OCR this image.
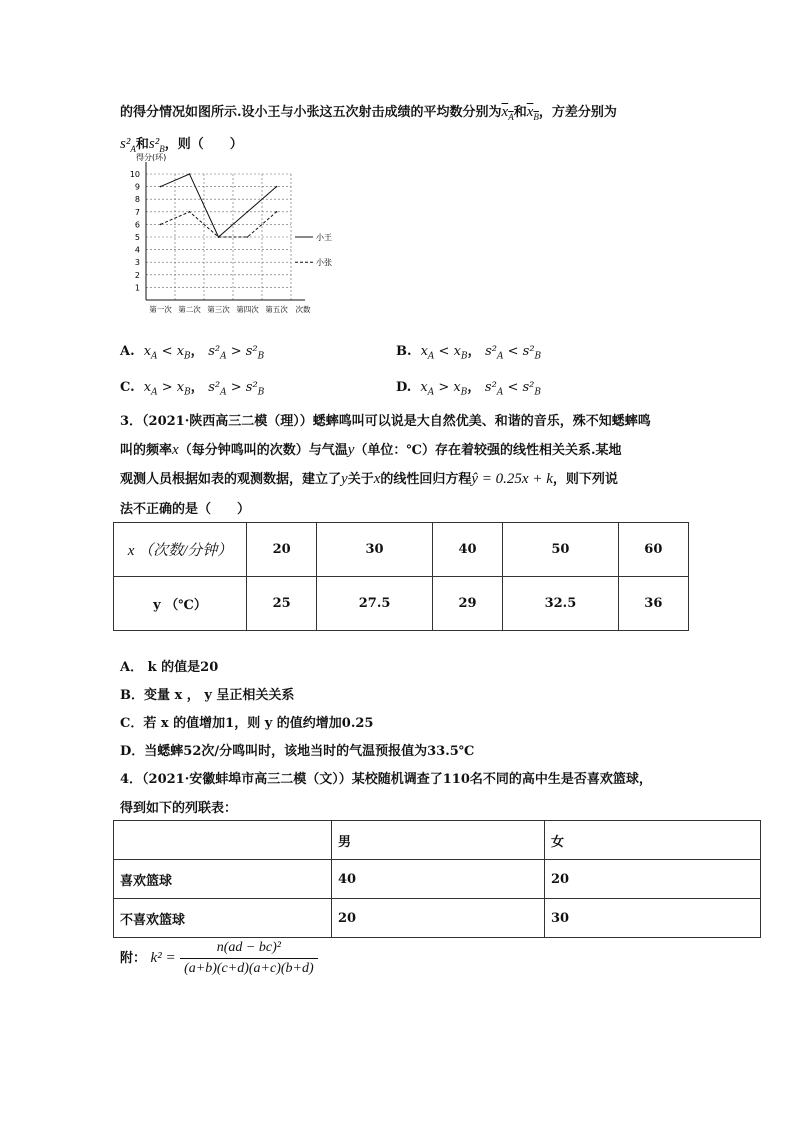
的得分情况如图所示.设小王与小张这五次射击成绩的平均数分别为$x_A$和$x_B$，方差分别为
$s^2_A$和$s^2_B$，则（　　）
得分(环)
1
2
3
4
5
6
7
8
9
10
第一次 第二次 第三次 第四次 第五次 次数
小王
小张
A. $x_A < x_B$， $s^2_A > s^2_B$	B. $x_A < x_B$， $s^2_A < s^2_B$
C. $x_A > x_B$， $s^2_A > s^2_B$	D. $x_A > x_B$， $s^2_A < s^2_B$
3．（2021·陕西高三二模（理））蟋蟀鸣叫可以说是大自然优美、和谐的音乐，殊不知蟋蟀鸣
叫的频率x（每分钟鸣叫的次数）与气温y（单位：℃）存在着较强的线性相关关系.某地
观测人员根据如表的观测数据，建立了y关于x的线性回归方程ŷ = 0.25x + k，则下列说
法不正确的是（　　）
x （次数/分钟）	20	30	40	50	60
y （℃）	25	27.5	29	32.5	36
A． k 的值是20
B．变量 x ， y 呈正相关关系
C．若 x 的值增加1，则 y 的值约增加0.25
D．当蟋蟀52次/分鸣叫时，该地当时的气温预报值为33.5℃
4．（2021·安徽蚌埠市高三二模（文））某校随机调查了110名不同的高中生是否喜欢篮球，
得到如下的列联表：
	男	女
喜欢篮球	40	20
不喜欢篮球	20	30
附： $k^2 = \frac{\text{n(ad − bc)²}}{(a+b)(c+d)(a+c)(b+d)}$
